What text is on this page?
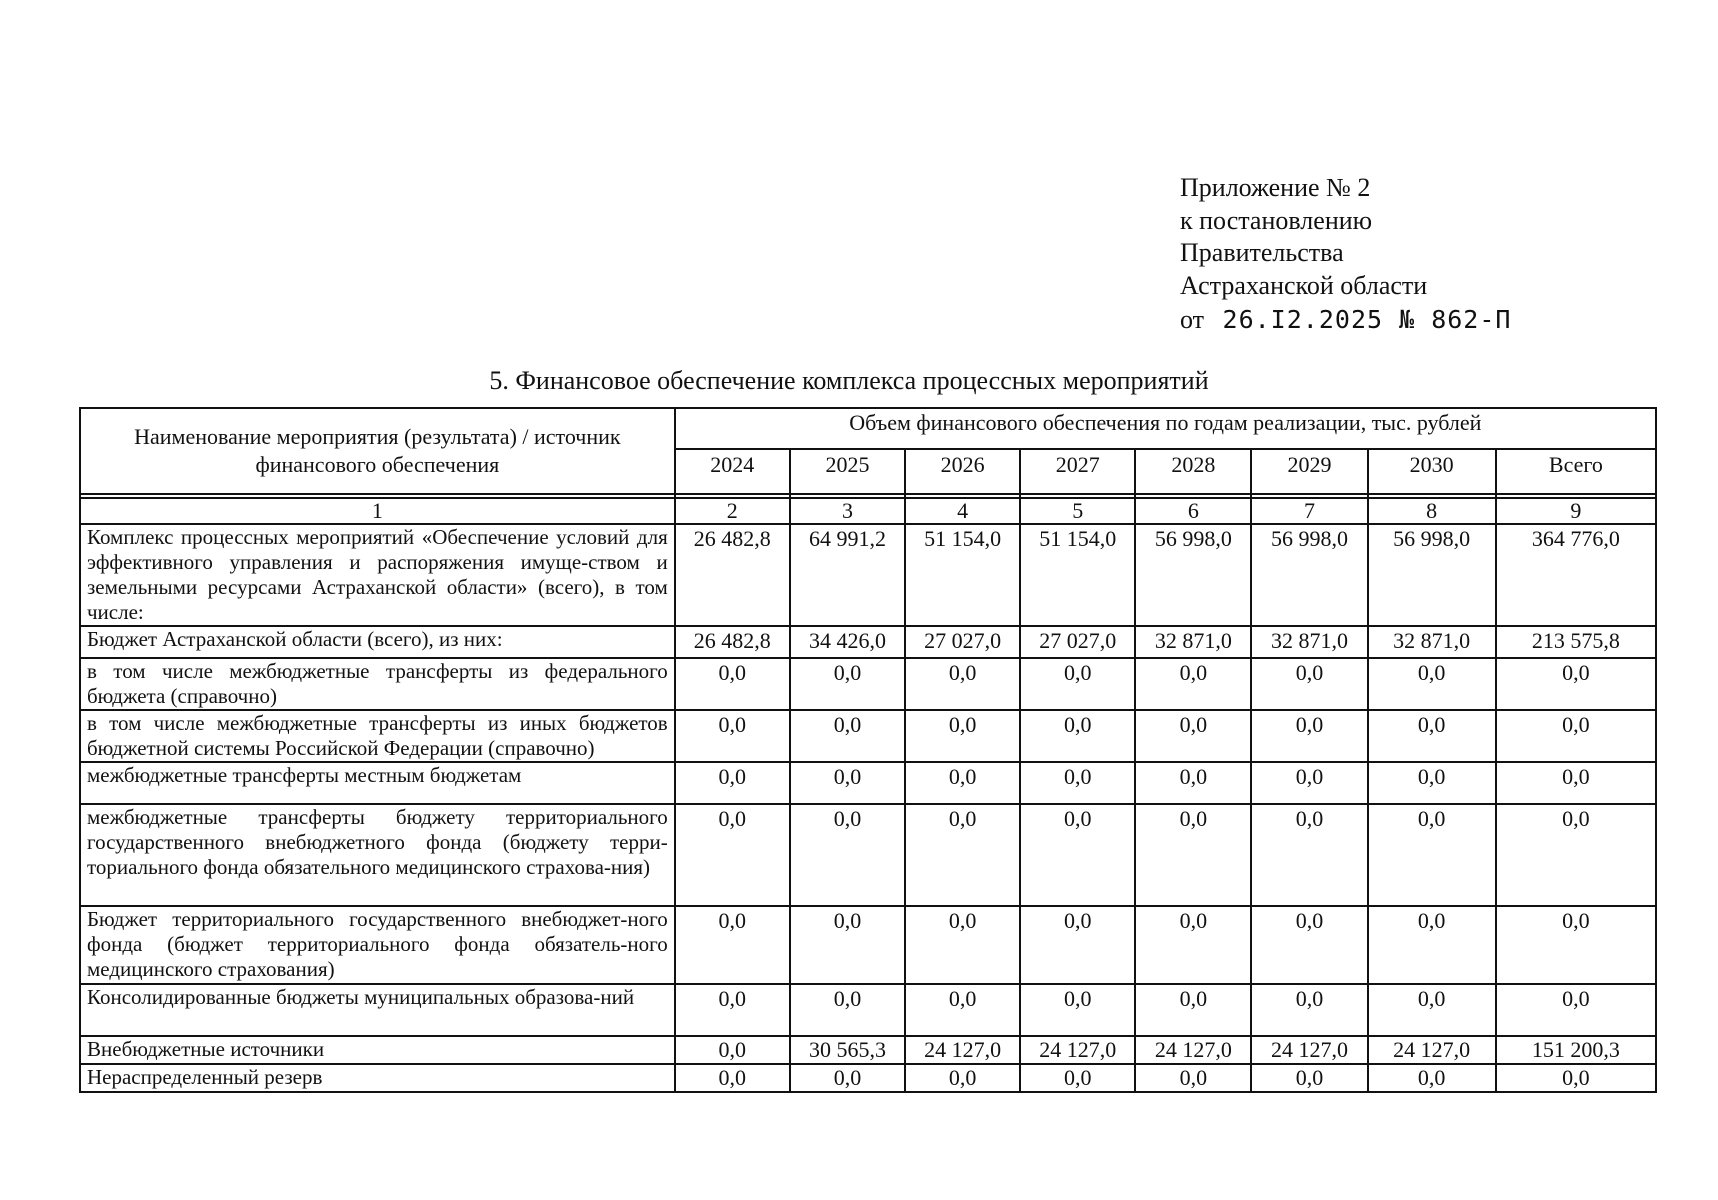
Приложение № 2
к постановлению
Правительства
Астраханской области
от 26.I2.2025 № 862-П
5. Финансовое обеспечение комплекса процессных мероприятий
Наименование мероприятия (результата) / источник финансового обеспечения	Объем финансового обеспечения по годам реализации, тыс. рублей							
	2024	2025	2026	2027	2028	2029	2030	Всего

1	2	3	4	5	6	7	8	9
Комплекс процессных мероприятий «Обеспечение условий для эффективного управления и распоряжения имуще-ством и земельными ресурсами Астраханской области» (всего), в том числе:	26 482,8	64 991,2	51 154,0	51 154,0	56 998,0	56 998,0	56 998,0	364 776,0
Бюджет Астраханской области (всего), из них:	26 482,8	34 426,0	27 027,0	27 027,0	32 871,0	32 871,0	32 871,0	213 575,8
в том числе межбюджетные трансферты из федерального бюджета (справочно)	0,0	0,0	0,0	0,0	0,0	0,0	0,0	0,0
в том числе межбюджетные трансферты из иных бюджетов бюджетной системы Российской Федерации (справочно)	0,0	0,0	0,0	0,0	0,0	0,0	0,0	0,0
межбюджетные трансферты местным бюджетам	0,0	0,0	0,0	0,0	0,0	0,0	0,0	0,0
межбюджетные трансферты бюджету территориального государственного внебюджетного фонда (бюджету терри-ториального фонда обязательного медицинского страхова-ния)	0,0	0,0	0,0	0,0	0,0	0,0	0,0	0,0
Бюджет территориального государственного внебюджет-ного фонда (бюджет территориального фонда обязатель-ного медицинского страхования)	0,0	0,0	0,0	0,0	0,0	0,0	0,0	0,0
Консолидированные бюджеты муниципальных образова-ний	0,0	0,0	0,0	0,0	0,0	0,0	0,0	0,0
Внебюджетные источники	0,0	30 565,3	24 127,0	24 127,0	24 127,0	24 127,0	24 127,0	151 200,3
Нераспределенный резерв	0,0	0,0	0,0	0,0	0,0	0,0	0,0	0,0
